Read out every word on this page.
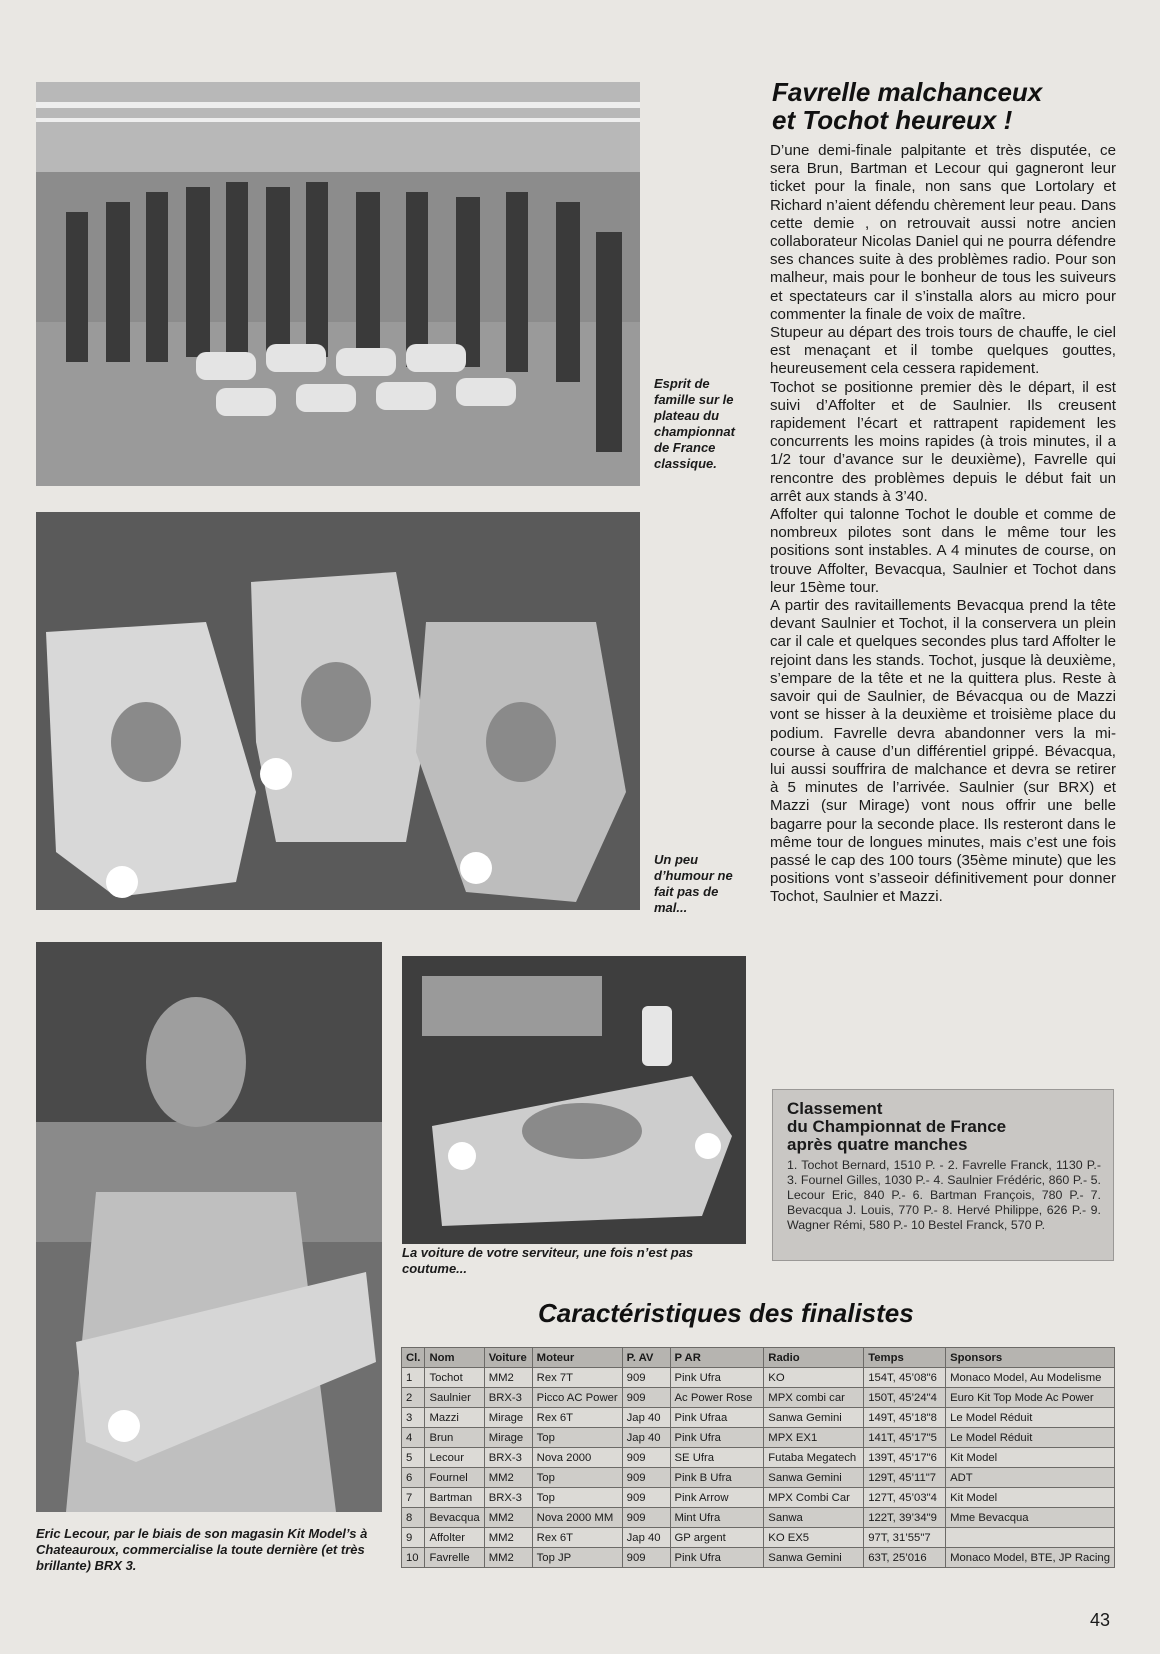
Esprit de famille sur le plateau du championnat de France classique.
Un peu d’humour ne fait pas de mal...
Eric Lecour, par le biais de son magasin Kit Model’s à Chateauroux, commercialise la toute dernière (et très brillante) BRX 3.
La voiture de votre serviteur, une fois n’est pas coutume...
Favrelle malchanceux
et Tochot heureux !

D’une demi-finale palpitante et très disputée, ce sera Brun, Bartman et Lecour qui gagneront leur ticket pour la finale, non sans que Lortolary et Richard n’aient défendu chèrement leur peau. Dans cette demie , on retrouvait aussi notre ancien collaborateur Nicolas Daniel qui ne pourra défendre ses chances suite à des problèmes radio. Pour son malheur, mais pour le bonheur de tous les suiveurs et spectateurs car il s’installa alors au micro pour commenter la finale de voix de maître.

Stupeur au départ des trois tours de chauffe, le ciel est menaçant et il tombe quelques gouttes, heureusement cela cessera rapidement.

Tochot se positionne premier dès le départ, il est suivi d’Affolter et de Saulnier. Ils creusent rapidement l’écart et rattrapent rapidement les concurrents les moins rapides (à trois minutes, il a 1/2 tour d’avance sur le deuxième), Favrelle qui rencontre des problèmes depuis le début fait un arrêt aux stands à 3’40.

Affolter qui talonne Tochot le double et comme de nombreux pilotes sont dans le même tour les positions sont instables. A 4 minutes de course, on trouve Affolter, Bevacqua, Saulnier et Tochot dans leur 15ème tour.

A partir des ravitaillements Bevacqua prend la tête devant Saulnier et Tochot, il la conservera un plein car il cale et quelques secondes plus tard Affolter le rejoint dans les stands. Tochot, jusque là deuxième, s’empare de la tête et ne la quittera plus. Reste à savoir qui de Saulnier, de Bévacqua ou de Mazzi vont se hisser à la deuxième et troisième place du podium. Favrelle devra abandonner vers la mi-course à cause d’un différentiel grippé. Bévacqua, lui aussi souffrira de malchance et devra se retirer à 5 minutes de l’arrivée. Saulnier (sur BRX) et Mazzi (sur Mirage) vont nous offrir une belle bagarre pour la seconde place. Ils resteront dans le même tour de longues minutes, mais c’est une fois passé le cap des 100 tours (35ème minute) que les positions vont s’asseoir définitivement pour donner Tochot, Saulnier et Mazzi.

Classement
du Championnat de France
après quatre manches

1. Tochot Bernard, 1510 P. - 2. Favrelle Franck, 1130 P.- 3. Fournel Gilles, 1030 P.- 4. Saulnier Frédéric, 860 P.- 5. Lecour Eric, 840 P.- 6. Bartman François, 780 P.- 7. Bevacqua J. Louis, 770 P.- 8. Hervé Philippe, 626 P.- 9. Wagner Rémi, 580 P.- 10 Bestel Franck, 570 P.

Caractéristiques des finalistes
Cl.	Nom	Voiture	Moteur	P. AV	P AR	Radio	Temps	Sponsors
1	Tochot	MM2	Rex 7T	909	Pink Ufra	KO	154T, 45’08"6	Monaco Model, Au Modelisme
2	Saulnier	BRX-3	Picco AC Power	909	Ac Power Rose	MPX combi car	150T, 45’24"4	Euro Kit Top Mode Ac Power
3	Mazzi	Mirage	Rex 6T	Jap 40	Pink Ufraa	Sanwa Gemini	149T, 45’18"8	Le Model Réduit
4	Brun	Mirage	Top	Jap 40	Pink Ufra	MPX EX1	141T, 45’17"5	Le Model Réduit
5	Lecour	BRX-3	Nova 2000	909	SE Ufra	Futaba Megatech	139T, 45’17"6	Kit Model
6	Fournel	MM2	Top	909	Pink B Ufra	Sanwa Gemini	129T, 45’11"7	ADT
7	Bartman	BRX-3	Top	909	Pink Arrow	MPX Combi Car	127T, 45’03"4	Kit Model
8	Bevacqua	MM2	Nova 2000 MM	909	Mint Ufra	Sanwa	122T, 39’34"9	Mme Bevacqua
9	Affolter	MM2	Rex 6T	Jap 40	GP argent	KO EX5	97T, 31’55"7	
10	Favrelle	MM2	Top JP	909	Pink Ufra	Sanwa Gemini	63T, 25’016	Monaco Model, BTE, JP Racing
43
